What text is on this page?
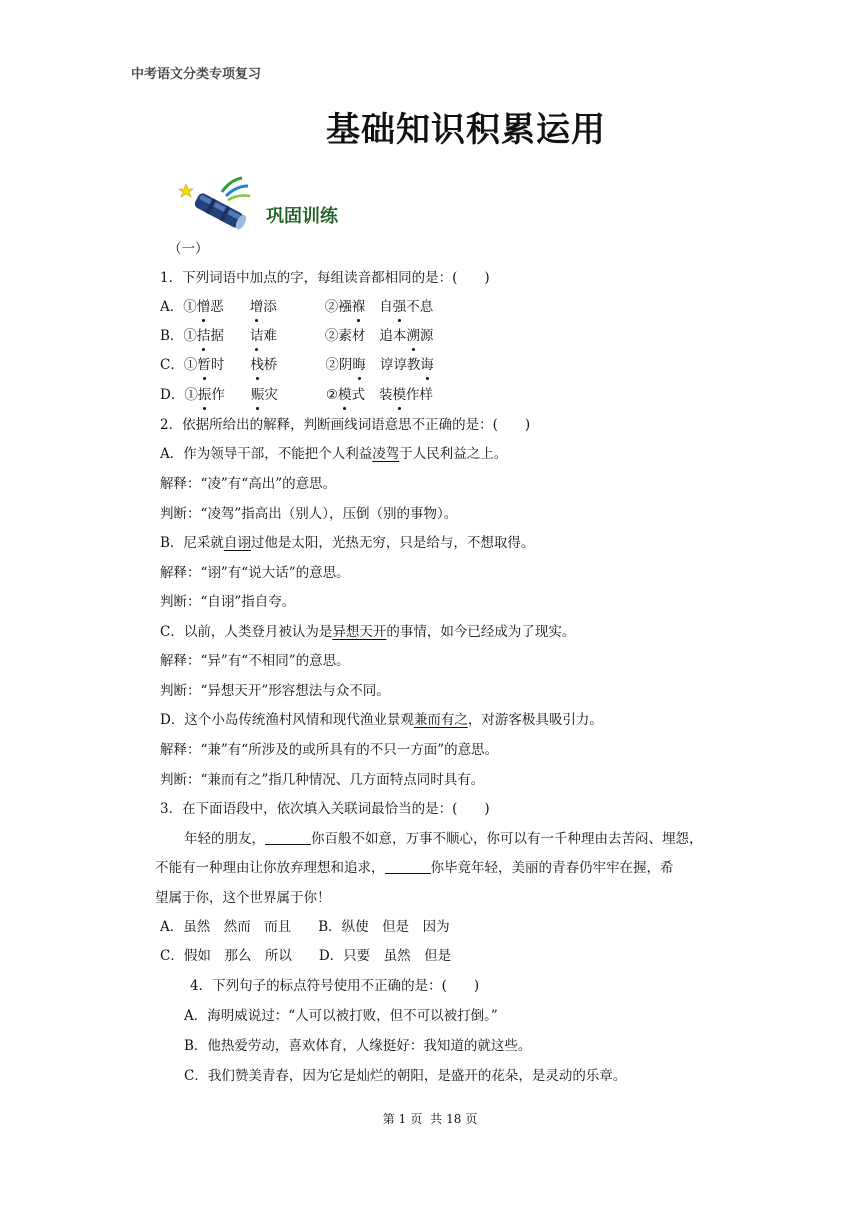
中考语文分类专项复习
基础知识积累运用
巩固训练
（一）
1．下列词语中加点的字，每组读音都相同的是：(　　)
A．①憎恶 增添	②襁褓 自强不息
B．①拮据 诘难	②素材 追本溯源
C．①暂时 栈桥	②阴晦 谆谆教诲
D．①振作 赈灾	②模式 装模作样
2．依据所给出的解释，判断画线词语意思不正确的是：(　　)
A．作为领导干部，不能把个人利益凌驾于人民利益之上。
解释：“凌”有“高出”的意思。
判断：“凌驾”指高出（别人），压倒（别的事物）。
B．尼采就自诩过他是太阳，光热无穷，只是给与，不想取得。
解释：“诩”有“说大话”的意思。
判断：“自诩”指自夸。
C．以前，人类登月被认为是异想天开的事情，如今已经成为了现实。
解释：“异”有“不相同”的意思。
判断：“异想天开”形容想法与众不同。
D．这个小岛传统渔村风情和现代渔业景观兼而有之，对游客极具吸引力。
解释：“兼”有“所涉及的或所具有的不只一方面”的意思。
判断：“兼而有之”指几种情况、几方面特点同时具有。
3．在下面语段中，依次填入关联词最恰当的是：(　　)
年轻的朋友，	你百般不如意，万事不顺心，你可以有一千种理由去苦闷、埋怨，
不能有一种理由让你放弃理想和追求，	你毕竟年轻，美丽的青春仍牢牢在握，希
望属于你，这个世界属于你！
A．虽然　然而　而且　　B．纵使　但是　因为
C．假如　那么　所以　　D．只要　虽然　但是
4．下列句子的标点符号使用不正确的是：(　　)
A．海明威说过：“人可以被打败，但不可以被打倒。”
B．他热爱劳动，喜欢体育，人缘挺好：我知道的就这些。
C．我们赞美青春，因为它是灿烂的朝阳，是盛开的花朵，是灵动的乐章。
第 1 页 共 18 页
